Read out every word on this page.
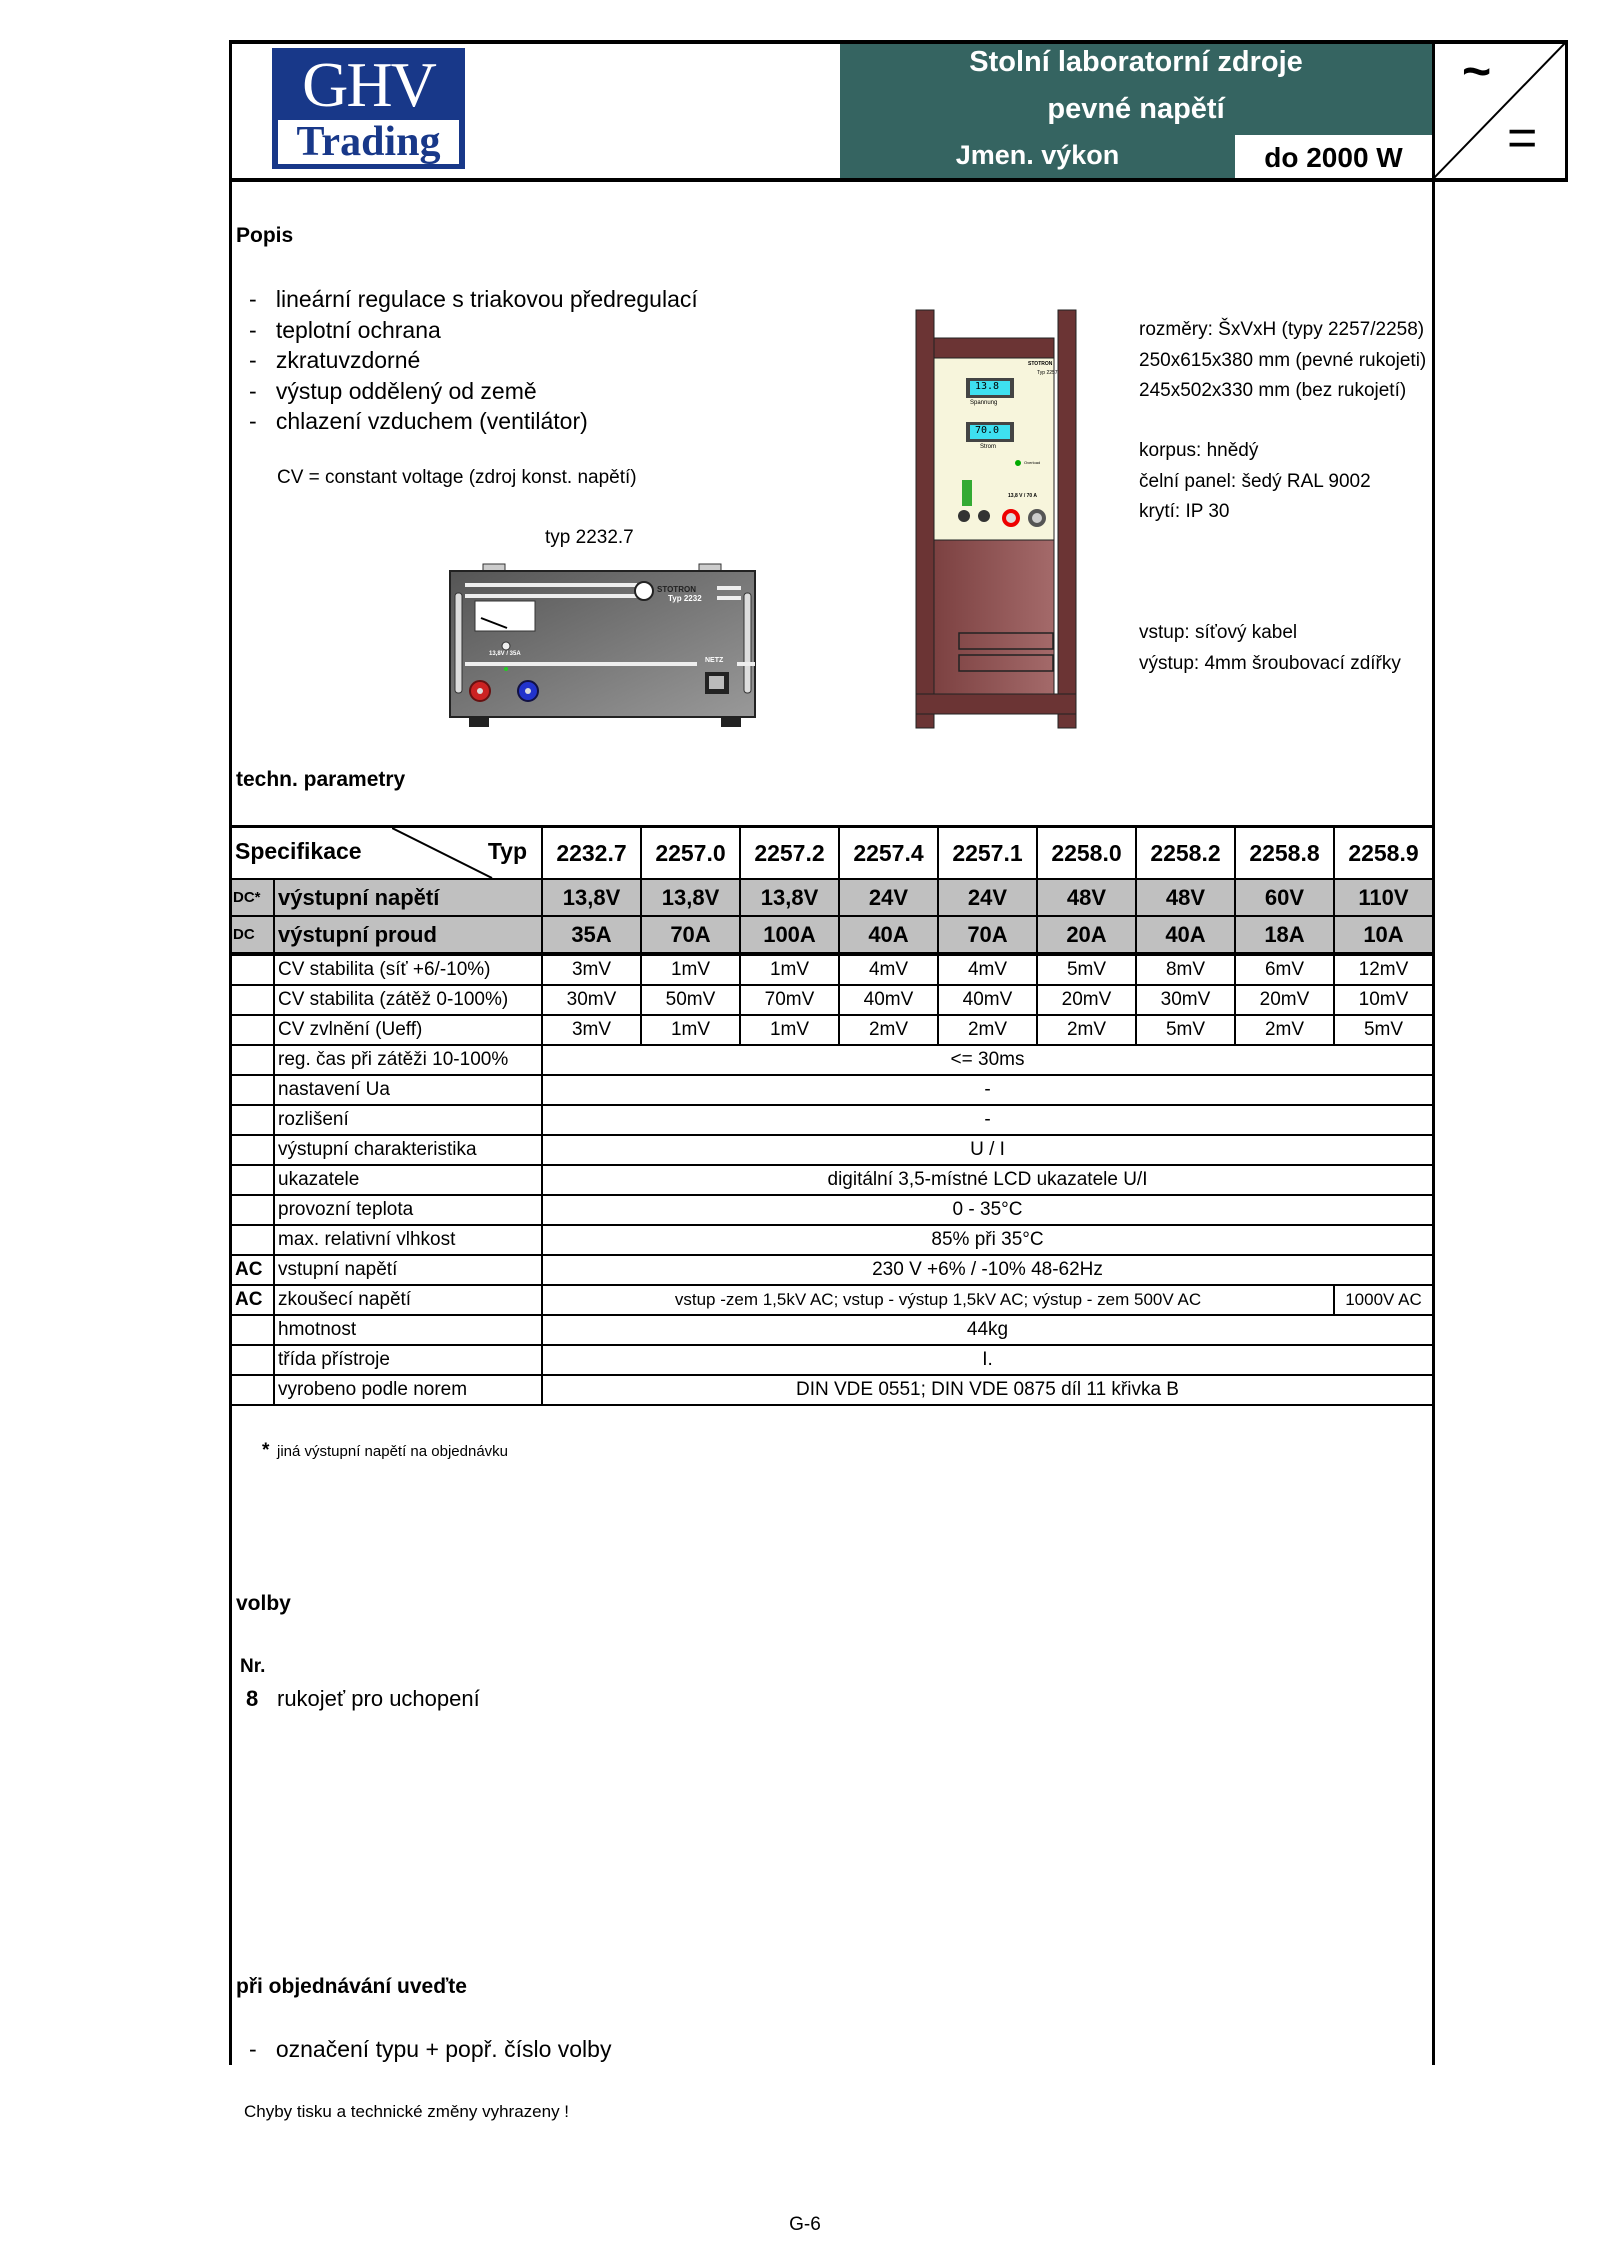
GHV
Trading
Stolní laboratorní zdroje
pevné napětí
Jmen. výkon	do 2000 W
~
=
Popis
-   lineární regulace s triakovou předregulací
-   teplotní ochrana
-   zkratuvzdorné
-   výstup oddělený od země
-   chlazení vzduchem (ventilátor)
CV = constant voltage (zdroj konst. napětí)
typ 2232.7
STOTRON
Typ 2232
13,8V / 35A
NETZ
13.8
Spannung
70.0
Strom
Overload
STOTRON
Typ 2257
13,8 V / 70 A
rozměry: ŠxVxH (typy 2257/2258)
250x615x380 mm (pevné rukojeti)
245x502x330 mm (bez rukojetí)
korpus: hnědý
čelní panel: šedý RAL 9002
krytí: IP 30
vstup: síťový kabel
výstup: 4mm šroubovací zdířky
techn. parametry
Specifikace Typ		2232.7	2257.0	2257.2	2257.4	2257.1	2258.0	2258.2	2258.8	2258.9
DC*	výstupní napětí	13,8V	13,8V	13,8V	24V	24V	48V	48V	60V	110V
DC	výstupní proud	35A	70A	100A	40A	70A	20A	40A	18A	10A
	CV stabilita (síť +6/-10%)	3mV	1mV	1mV	4mV	4mV	5mV	8mV	6mV	12mV
	CV stabilita (zátěž 0-100%)	30mV	50mV	70mV	40mV	40mV	20mV	30mV	20mV	10mV
	CV zvlnění (Ueff)	3mV	1mV	1mV	2mV	2mV	2mV	5mV	2mV	5mV
	reg. čas při zátěži 10-100%	<= 30ms								
	nastavení Ua	-								
	rozlišení	-								
	výstupní charakteristika	U / I								
	ukazatele	digitální 3,5-místné LCD ukazatele U/I								
	provozní teplota	0 - 35°C								
	max. relativní vlhkost	85% při 35°C								
AC	vstupní napětí	230 V +6% / -10% 48-62Hz								
AC	zkoušecí napětí	vstup -zem 1,5kV AC; vstup - výstup 1,5kV AC; výstup - zem 500V AC								1000V AC
	hmotnost	44kg								
	třída přístroje	I.								
	vyrobeno podle norem	DIN VDE 0551; DIN VDE 0875 díl 11 křivka B								
* jiná výstupní napětí na objednávku
volby
Nr.
8 rukojeť pro uchopení
při objednávání uveďte
-   označení typu + popř. číslo volby
Chyby tisku a technické změny vyhrazeny !
G-6
